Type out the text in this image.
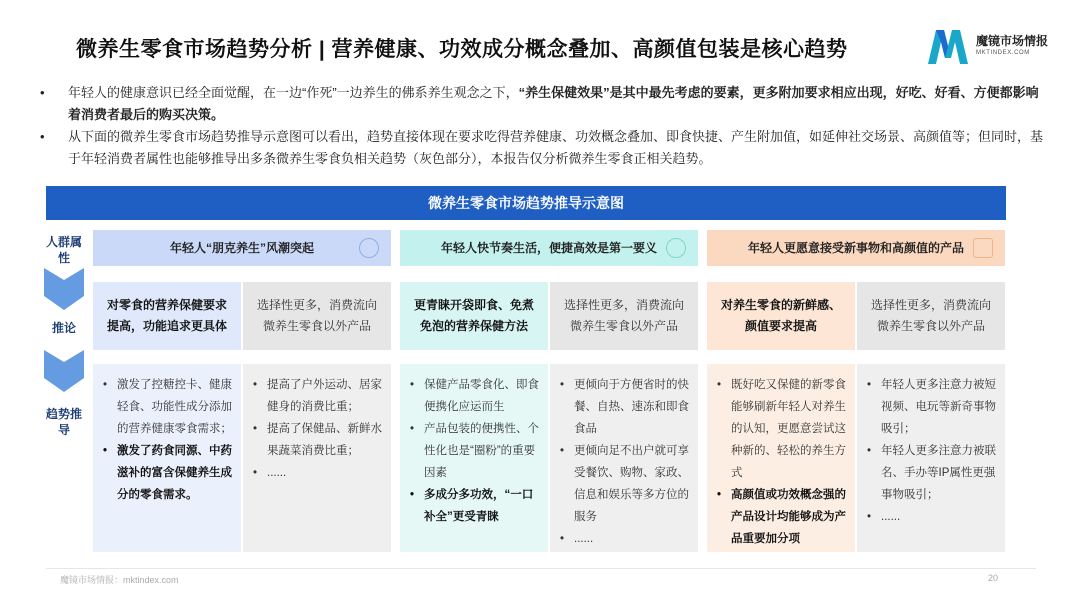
微养生零食市场趋势分析 | 营养健康、功效成分概念叠加、高颜值包装是核心趋势	魔镜市场情报
MKTINDEX.COM
• 年轻人的健康意识已经全面觉醒，在一边“作死”一边养生的佛系养生观念之下，“养生保健效果”是其中最先考虑的要素，更多附加要求相应出现，好吃、好看、方便都影响着消费者最后的购买决策。
• 从下面的微养生零食市场趋势推导示意图可以看出，趋势直接体现在要求吃得营养健康、功效概念叠加、即食快捷、产生附加值，如延伸社交场景、高颜值等；但同时，基于年轻消费者属性也能够推导出多条微养生零食负相关趋势（灰色部分），本报告仅分析微养生零食正相关趋势。
微养生零食市场趋势推导示意图
人群属性
推论
趋势推导
年轻人“朋克养生”风潮突起
对零食的营养保健要求提高，功能追求更具体
选择性更多，消费流向微养生零食以外产品
• 激发了控糖控卡、健康轻食、功能性成分添加的营养健康零食需求；
• 激发了药食同源、中药滋补的富含保健养生成分的零食需求。
• 提高了户外运动、居家健身的消费比重；
• 提高了保健品、新鲜水果蔬菜消费比重；
• ......
年轻人快节奏生活，便捷高效是第一要义
更青睐开袋即食、免煮免泡的营养保健方法
选择性更多，消费流向微养生零食以外产品
• 保健产品零食化、即食便携化应运而生
• 产品包装的便携性、个性化也是“圈粉”的重要因素
• 多成分多功效，“一口补全”更受青睐
• 更倾向于方便省时的快餐、自热、速冻和即食食品
• 更倾向足不出户就可享受餐饮、购物、家政、信息和娱乐等多方位的服务
• ......
年轻人更愿意接受新事物和高颜值的产品
对养生零食的新鲜感、颜值要求提高
选择性更多，消费流向微养生零食以外产品
• 既好吃又保健的新零食能够刷新年轻人对养生的认知，更愿意尝试这种新的、轻松的养生方式
• 高颜值或功效概念强的产品设计均能够成为产品重要加分项
• 年轻人更多注意力被短视频、电玩等新奇事物吸引；
• 年轻人更多注意力被联名、手办等IP属性更强事物吸引；
• ......
魔镜市场情报：mktindex.com	20
